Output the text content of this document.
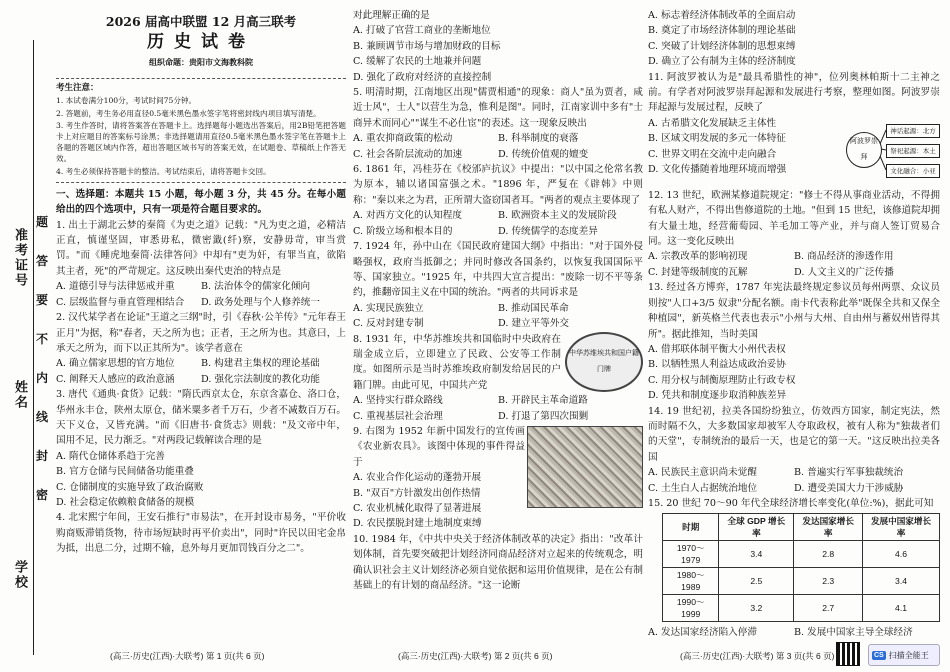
准考证号
姓名
学校
题
答
要
不
内
线
封
密
2026 届高中联盟 12 月高三联考
历史试卷
组织命题：贵阳市文海教科院

考生注意：

1. 本试卷满分100分，考试时间75分钟。

2. 答题前，考生务必用直径0.5毫米黑色墨水签字笔将密封线内项目填写清楚。

3. 考生作答时，请将答案答在答题卡上。选择题每小题选出答案后，用2B铅笔把答题卡上对应题目的答案标号涂黑；非选择题请用直径0.5毫米黑色墨水签字笔在答题卡上各题的答题区域内作答，超出答题区域书写的答案无效，在试题卷、草稿纸上作答无效。

4. 考生必须保持答题卡的整洁。考试结束后，请将答题卡交回。

一、选择题：本题共 15 小题，每小题 3 分，共 45 分。在每小题给出的四个选项中，只有一项是符合题目要求的。

1. 出土于湖北云梦的秦简《为吏之道》记载："凡为吏之道，必精洁正直，慎谨坚固，审悉毋私，微密韱(纤)察，安静毋苛，审当赏罚。"而《睡虎地秦简·法律答问》中却有"吏为奸，有罪当直，欲陷其主者，死"的严苛规定。这反映出秦代吏治的特点是

A. 道德引导与法律惩戒并重	B. 法治体令的儒家化倾向
C. 层级监督与垂直管理相结合	D. 政务处理与个人修养统一

2. 汉代某学者在论证"王道之三纲"时，引《春秋·公羊传》"元年春王正月"为据，称"春者，天之所为也；正者，王之所为也。其意曰，上承天之所为，而下以正其所为"。该学者意在

A. 确立儒家思想的官方地位	B. 构建君主集权的理论基础
C. 阐释天人感应的政治意涵	D. 强化宗法制度的教化功能

3. 唐代《通典·食货》记载："隋氏西京太仓，东京含嘉仓、洛口仓，华州永丰仓，陕州太原仓，储米粟多者千万石，少者不减数百万石。天下义仓，又皆充满。"而《旧唐书·食货志》则载："及文帝中年，国用不足，民力渐乏。"对两段记载解读合理的是

A. 隋代仓储体系趋于完善
B. 官方仓储与民间储备功能重叠
C. 仓储制度的实施导致了政治腐败
D. 社会稳定依赖粮食储备的规模

4. 北宋熙宁年间，王安石推行"市易法"，在开封设市易务，"平价收购商贩滞销货物，待市场短缺时再平价卖出"，同时"许民以田宅金帛为抵，出息二分，过期不输，息外每月更加罚钱百分之二"。

(高三·历史(江西)·大联考) 第 1 页(共 6 页)

对此理解正确的是

A. 打破了官营工商业的垄断地位
B. 兼顾调节市场与增加财政的目标
C. 缓解了农民的土地兼并问题
D. 强化了政府对经济的直接控制

5. 明清时期，江南地区出现"儒贾相通"的现象：商人"虽为贾者，咸近士风"，士人"以营生为急，惟利是图"。同时，江南家训中多有"士商异术而同心""谋生不必仕宦"的表述。这一现象反映出

A. 重农抑商政策的松动	B. 科举制度的衰落
C. 社会各阶层流动的加速	D. 传统价值观的嬗变

6. 1861 年，冯桂芬在《校邠庐抗议》中提出："以中国之伦常名教为原本，辅以诸国富强之术。"1896 年，严复在《辟韩》中则称："秦以来之为君，正所谓大盗窃国者耳。"两者的观点主要体现了

A. 对西方文化的认知程度	B. 欧洲资本主义的发展阶段
C. 阶级立场和根本目的	D. 传统儒学的态度差异

7. 1924 年，孙中山在《国民政府建国大纲》中指出："对于国外侵略强权，政府当抵御之；并同时修改各国条约，以恢复我国国际平等、国家独立。"1925 年，中共四大宣言提出："废除一切不平等条约，推翻帝国主义在中国的统治。"两者的共同诉求是

A. 实现民族独立	B. 推动国民革命
C. 反对封建专制	D. 建立平等外交

8. 1931 年，中华苏维埃共和国临时中央政府在瑞金成立后，立即建立了民政、公安等工作制度。如图所示是当时苏维埃政府制发给居民的户籍门牌。由此可见，中国共产党

中华苏维埃共和国户籍门牌
A. 坚持实行群众路线	B. 开辟民主革命道路
C. 重视基层社会治理	D. 打退了第四次围剿

9. 右图为 1952 年新中国发行的宣传画《农业新农具》。该图中体现的事件得益于

A. 农业合作化运动的蓬勃开展
B. "双百"方针激发出创作热情
C. 农业机械化取得了显著进展
D. 农民摆脱封建土地制度束缚

10. 1984 年，《中共中央关于经济体制改革的决定》指出："改革计划体制，首先要突破把计划经济同商品经济对立起来的传统观念，明确认识社会主义计划经济必须自觉依据和运用价值规律，是在公有制基础上的有计划的商品经济。"这一论断

(高三·历史(江西)·大联考) 第 2 页(共 6 页)
A. 标志着经济体制改革的全面启动
B. 奠定了市场经济体制的理论基础
C. 突破了计划经济体制的思想束缚
D. 确立了公有制为主体的经济制度

11. 阿波罗被认为是"最具希腊性的神"，位列奥林帕斯十二主神之前。有学者对阿波罗崇拜起源和发展进行考察，整理如图。阿波罗崇拜起源与发展过程，反映了

A. 古希腊文化发展缺乏主体性
B. 区域文明发展的多元一体特征
C. 世界文明在交流中走向融合
D. 文化传播随着地理环境而增强
阿波罗崇拜
神话起源：北方
祭祀起源：本土
文化融合：小亚

12. 13 世纪，欧洲某修道院规定："修士不得从事商业活动，不得拥有私人财产，不得出售修道院的土地。"但到 15 世纪，该修道院却拥有大量土地，经营葡萄园、羊毛加工等产业，并与商人签订贸易合同。这一变化反映出

A. 宗教改革的影响初现	B. 商品经济的渗透作用
C. 封建等级制度的瓦解	D. 人文主义的广泛传播

13. 经过各方博弈，1787 年宪法最终规定参议员每州两票、众议员则按"人口+3/5 奴隶"分配名额。南卡代表称此举"既保全共和又保全种植园"，新英格兰代表也表示"小州与大州、自由州与蓄奴州皆得其所"。据此推知，当时美国

A. 借邦联体制平衡大小州代表权
B. 以牺牲黑人利益达成政治妥协
C. 用分权与制衡原理防止行政专权
D. 凭共和制度逐步取消种族差异

14. 19 世纪初，拉美各国纷纷独立，仿效西方国家，制定宪法，然而时隔不久，大多数国家却被军人夺取政权，被有人称为"独裁者们的天堂"，专制统治的最后一天，也是它的第一天。"这反映出拉美各国

A. 民族民主意识尚未觉醒	B. 普遍实行军事独裁统治
C. 土生白人占据统治地位	D. 遭受美国大力干涉威胁

15. 20 世纪 70～90 年代全球经济增长率变化(单位:%)，据此可知

时期	全球 GDP 增长率	发达国家增长率	发展中国家增长率
1970～1979	3.4	2.8	4.6
1980～1989	2.5	2.3	3.4
1990～1999	3.2	2.7	4.1
A. 发达国家经济陷入停滞	B. 发展中国家主导全球经济
(高三·历史(江西)·大联考) 第 3 页(共 6 页)	CS 扫描全能王
